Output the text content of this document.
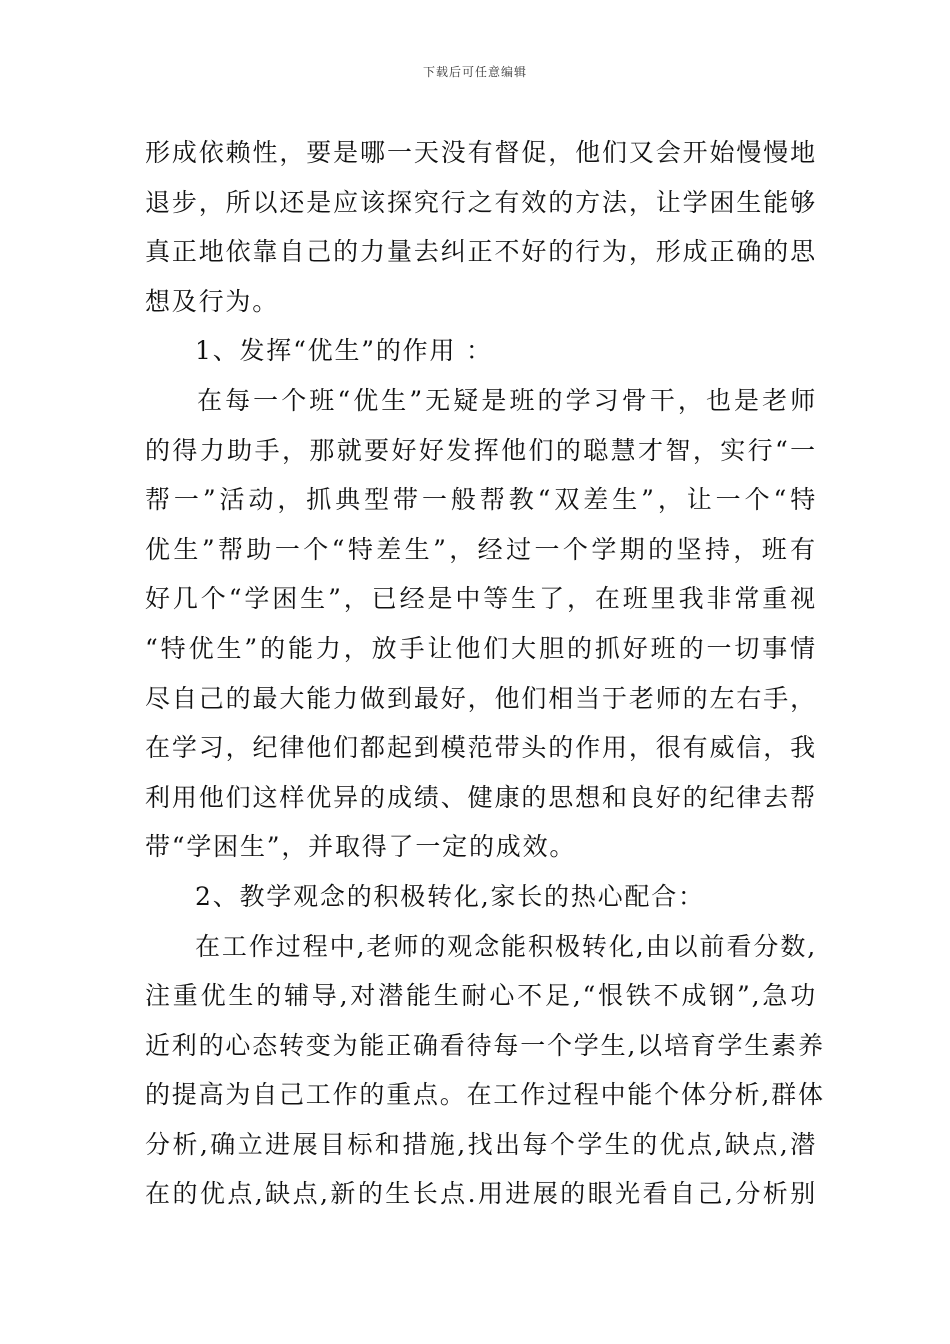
下载后可任意编辑
形成依赖性，要是哪一天没有督促，他们又会开始慢慢地
退步，所以还是应该探究行之有效的方法，让学困生能够
真正地依靠自己的力量去纠正不好的行为，形成正确的思
想及行为。
1、发挥“优生”的作用 ：
在每一个班“优生”无疑是班的学习骨干，也是老师
的得力助手，那就要好好发挥他们的聪慧才智，实行“一
帮一”活动，抓典型带一般帮教“双差生”，让一个“特
优生”帮助一个“特差生”，经过一个学期的坚持，班有
好几个“学困生”，已经是中等生了，在班里我非常重视
“特优生”的能力，放手让他们大胆的抓好班的一切事情
尽自己的最大能力做到最好，他们相当于老师的左右手，
在学习，纪律他们都起到模范带头的作用，很有威信，我
利用他们这样优异的成绩、健康的思想和良好的纪律去帮
带“学困生”，并取得了一定的成效。
2、教学观念的积极转化,家长的热心配合：
在工作过程中,老师的观念能积极转化,由以前看分数,
注重优生的辅导,对潜能生耐心不足,“恨铁不成钢”,急功
近利的心态转变为能正确看待每一个学生,以培育学生素养
的提高为自己工作的重点。在工作过程中能个体分析,群体
分析,确立进展目标和措施,找出每个学生的优点,缺点,潜
在的优点,缺点,新的生长点.用进展的眼光看自己,分析别
